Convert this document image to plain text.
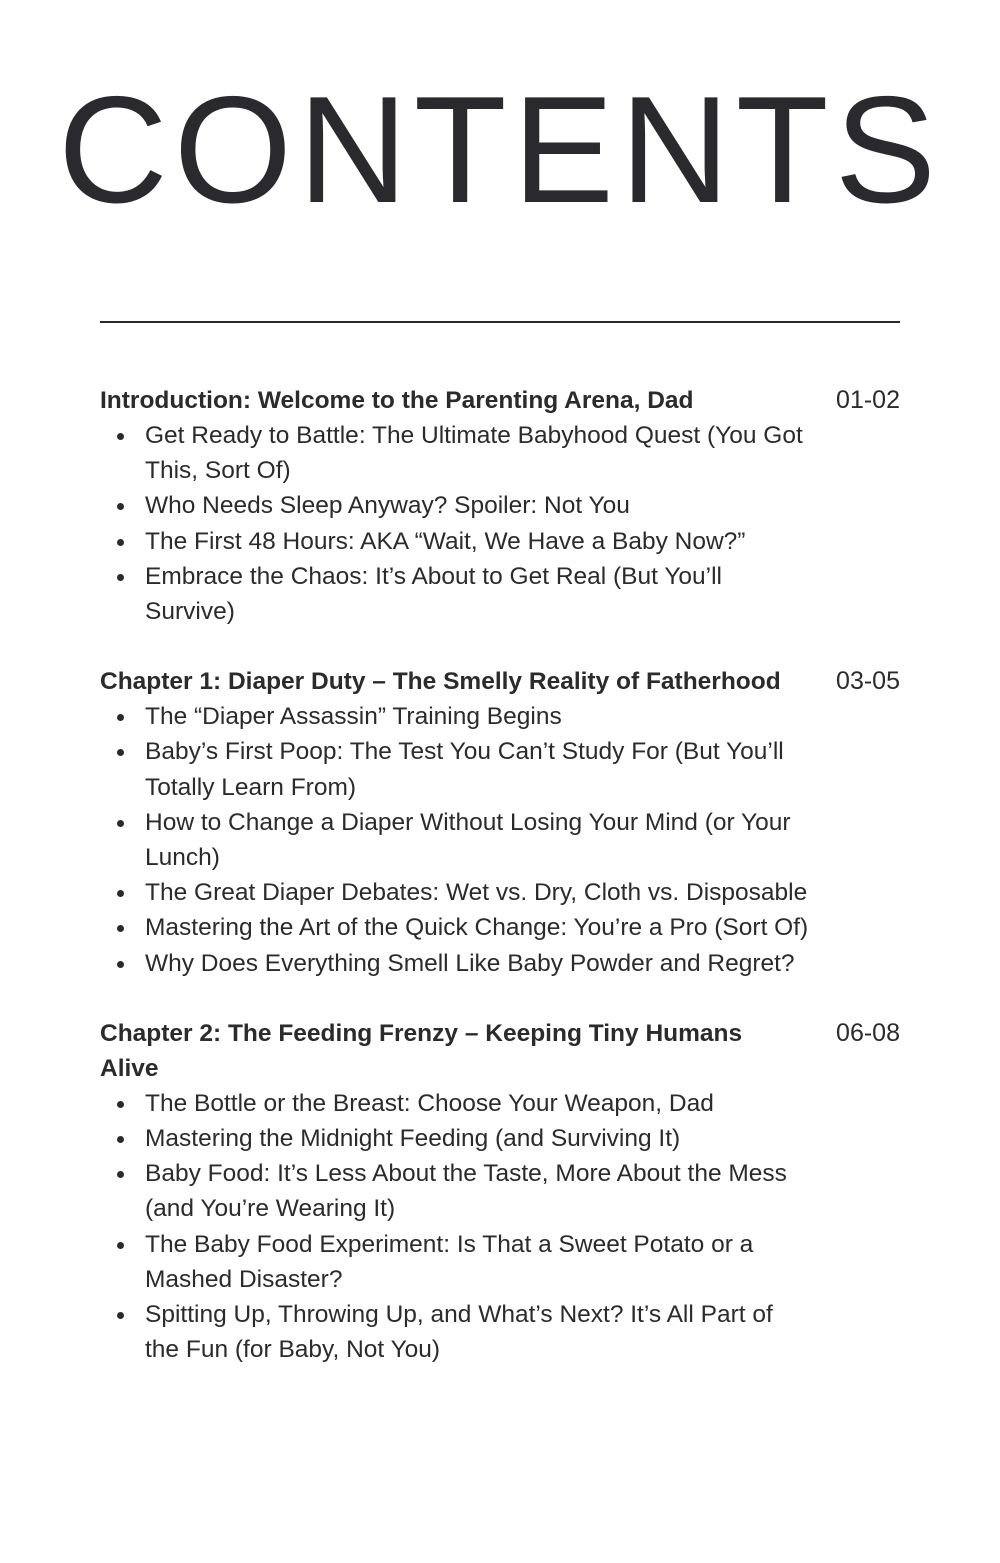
CONTENTS
Introduction: Welcome to the Parenting Arena, Dad	01-02
Get Ready to Battle: The Ultimate Babyhood Quest (You Got This, Sort Of)
Who Needs Sleep Anyway? Spoiler: Not You
The First 48 Hours: AKA “Wait, We Have a Baby Now?”
Embrace the Chaos: It’s About to Get Real (But You’ll Survive)
Chapter 1: Diaper Duty – The Smelly Reality of Fatherhood	03-05
The “Diaper Assassin” Training Begins
Baby’s First Poop: The Test You Can’t Study For (But You’ll Totally Learn From)
How to Change a Diaper Without Losing Your Mind (or Your Lunch)
The Great Diaper Debates: Wet vs. Dry, Cloth vs. Disposable
Mastering the Art of the Quick Change: You’re a Pro (Sort Of)
Why Does Everything Smell Like Baby Powder and Regret?
Chapter 2: The Feeding Frenzy – Keeping Tiny Humans Alive
06-08
The Bottle or the Breast: Choose Your Weapon, Dad
Mastering the Midnight Feeding (and Surviving It)
Baby Food: It’s Less About the Taste, More About the Mess (and You’re Wearing It)
The Baby Food Experiment: Is That a Sweet Potato or a Mashed Disaster?
Spitting Up, Throwing Up, and What’s Next? It’s All Part of the Fun (for Baby, Not You)
